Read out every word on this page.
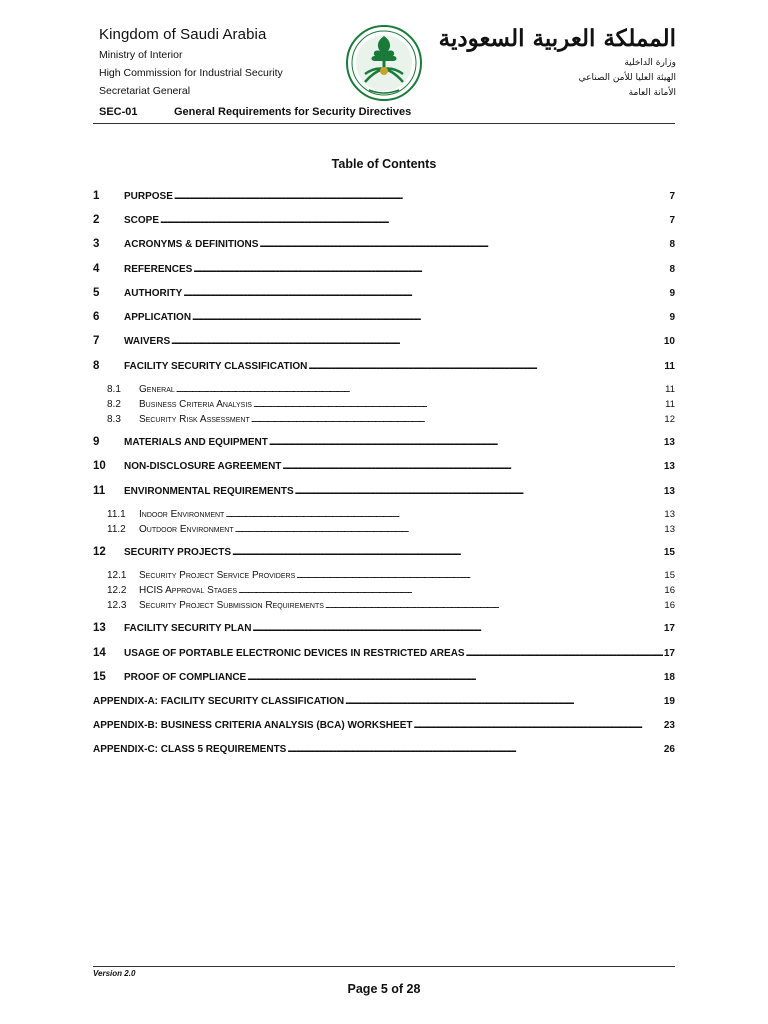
Kingdom of Saudi Arabia
Ministry of Interior
High Commission for Industrial Security
Secretariat General
المملكة العربية السعودية
وزارة الداخلية
الهيئة العليا للأمن الصناعي
الأمانة العامة
SEC-01	General Requirements for Security Directives
Table of Contents
1	PURPOSE . . .	7
2	SCOPE . . .	7
3	ACRONYMS & DEFINITIONS . . .	8
4	REFERENCES . . .	8
5	AUTHORITY . . .	9
6	APPLICATION . . .	9
7	WAIVERS . . .	10
8	FACILITY SECURITY CLASSIFICATION . . .	11
8.1	General . . .	11
8.2	Business Criteria Analysis . . .	11
8.3	Security Risk Assessment . . .	12
9	MATERIALS AND EQUIPMENT . . .	13
10	NON-DISCLOSURE AGREEMENT . . .	13
11	ENVIRONMENTAL REQUIREMENTS . . .	13
11.1	Indoor Environment . . .	13
11.2	Outdoor Environment . . .	13
12	SECURITY PROJECTS . . .	15
12.1	Security Project Service Providers . . .	15
12.2	HCIS Approval Stages . . .	16
12.3	Security Project Submission Requirements . . .	16
13	FACILITY SECURITY PLAN . . .	17
14	USAGE OF PORTABLE ELECTRONIC DEVICES IN RESTRICTED AREAS . . .	17
15	PROOF OF COMPLIANCE . . .	18
APPENDIX-A: FACILITY SECURITY CLASSIFICATION . . .	19
APPENDIX-B: BUSINESS CRITERIA ANALYSIS (BCA) WORKSHEET . . .	23
APPENDIX-C: CLASS 5 REQUIREMENTS . . .	26
Version 2.0
Page 5 of 28
